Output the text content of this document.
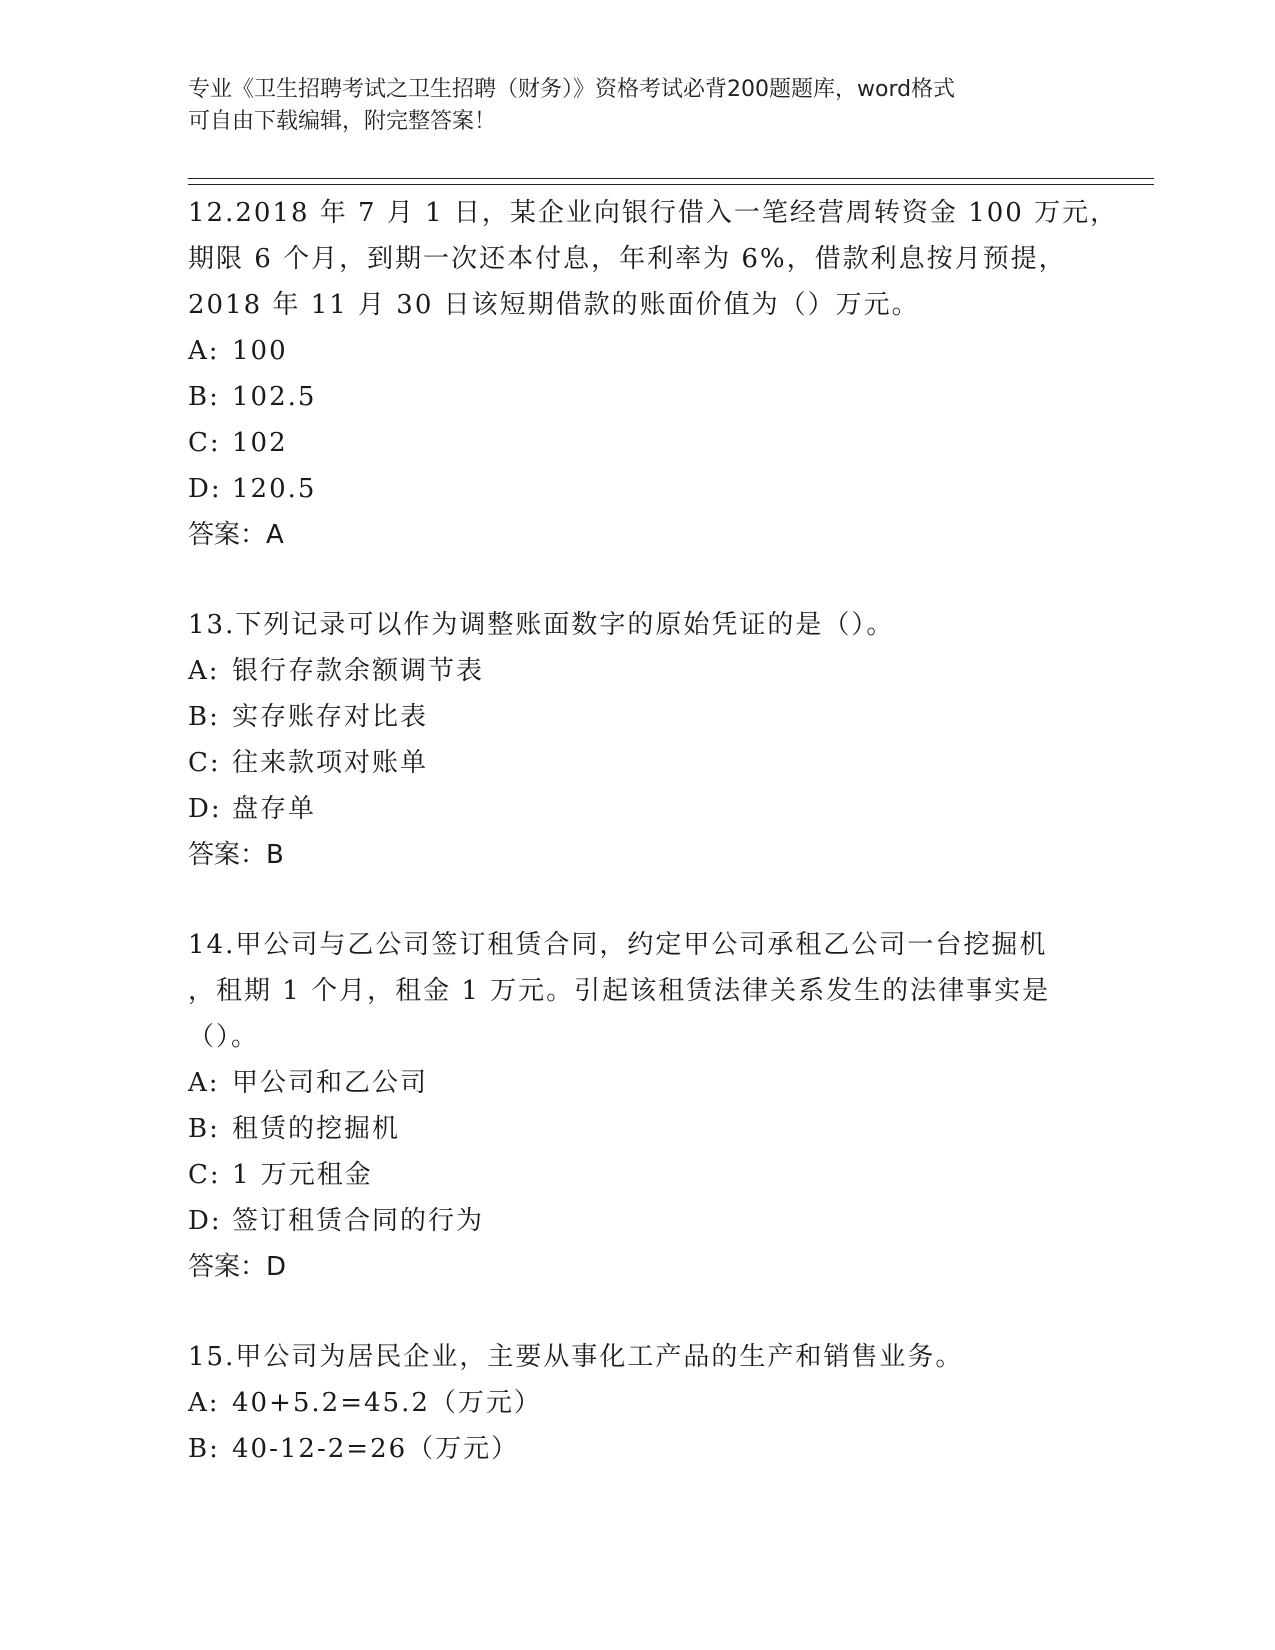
专业《卫生招聘考试之卫生招聘（财务）》资格考试必背200题题库，word格式
可自由下载编辑，附完整答案！
12.2018 年 7 月 1 日，某企业向银行借入一笔经营周转资金 100 万元，
期限 6 个月，到期一次还本付息，年利率为 6%，借款利息按月预提，
2018 年 11 月 30 日该短期借款的账面价值为（）万元。
A: 100
B: 102.5
C: 102
D: 120.5
答案：A
13.下列记录可以作为调整账面数字的原始凭证的是（）。
A: 银行存款余额调节表
B: 实存账存对比表
C: 往来款项对账单
D: 盘存单
答案：B
14.甲公司与乙公司签订租赁合同，约定甲公司承租乙公司一台挖掘机
，租期 1 个月，租金 1 万元。引起该租赁法律关系发生的法律事实是
（）。
A: 甲公司和乙公司
B: 租赁的挖掘机
C: 1 万元租金
D: 签订租赁合同的行为
答案：D
15.甲公司为居民企业，主要从事化工产品的生产和销售业务。
A: 40+5.2=45.2（万元）
B: 40-12-2=26（万元）
